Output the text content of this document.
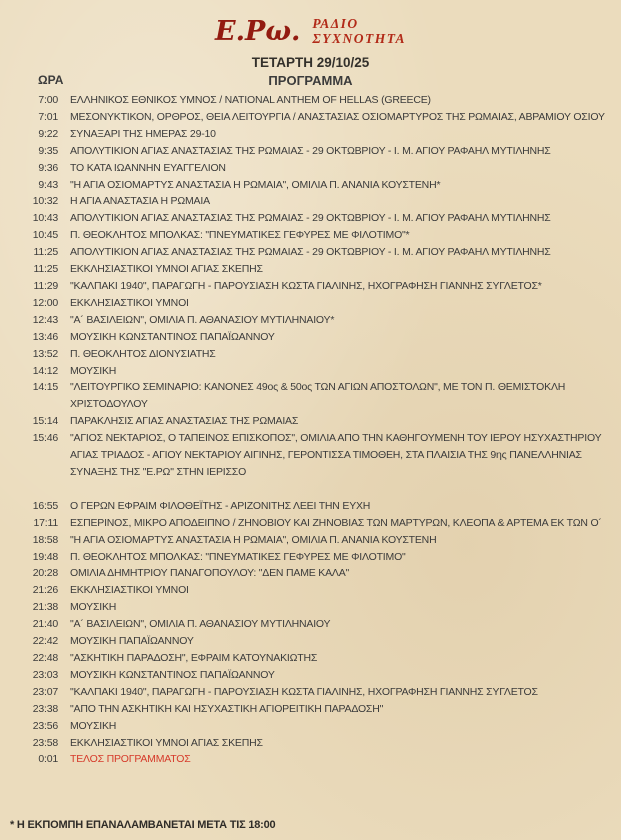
Ε.Ρω. ΡΑΔΙΟ
ΣΥΧΝΟΤΗΤΑ
ΤΕΤΑΡΤΗ 29/10/25
ΩΡΑ	ΠΡΟΓΡΑΜΜΑ
7:00	ΕΛΛΗΝΙΚΟΣ ΕΘΝΙΚΟΣ ΥΜΝΟΣ / NATIONAL ANTHEM OF HELLAS (GREECE)
7:01	ΜΕΣΟΝΥΚΤΙΚΟΝ, ΟΡΘΡΟΣ, ΘΕΙΑ ΛΕΙΤΟΥΡΓΙΑ / ΑΝΑΣΤΑΣΙΑΣ ΟΣΙΟΜΑΡΤΥΡΟΣ ΤΗΣ ΡΩΜΑΙΑΣ, ΑΒΡΑΜΙΟΥ ΟΣΙΟΥ
9:22	ΣΥΝΑΞΑΡΙ ΤΗΣ ΗΜΕΡΑΣ 29-10
9:35	ΑΠΟΛΥΤΙΚΙΟΝ ΑΓΙΑΣ ΑΝΑΣΤΑΣΙΑΣ ΤΗΣ ΡΩΜΑΙΑΣ - 29 ΟΚΤΩΒΡΙΟΥ - Ι. Μ. ΑΓΙΟΥ ΡΑΦΑΗΛ ΜΥΤΙΛΗΝΗΣ
9:36	ΤΟ ΚΑΤΑ ΙΩΑΝΝΗΝ ΕΥΑΓΓΕΛΙΟΝ
9:43	"Η ΑΓΙΑ ΟΣΙΟΜΑΡΤΥΣ ΑΝΑΣΤΑΣΙΑ Η ΡΩΜΑΙΑ", ΟΜΙΛΙΑ Π. ΑΝΑΝΙΑ ΚΟΥΣΤΕΝΗ*
10:32	Η ΑΓΙΑ ΑΝΑΣΤΑΣΙΑ Η ΡΩΜΑΙΑ
10:43	ΑΠΟΛΥΤΙΚΙΟΝ ΑΓΙΑΣ ΑΝΑΣΤΑΣΙΑΣ ΤΗΣ ΡΩΜΑΙΑΣ - 29 ΟΚΤΩΒΡΙΟΥ - Ι. Μ. ΑΓΙΟΥ ΡΑΦΑΗΛ ΜΥΤΙΛΗΝΗΣ
10:45	Π. ΘΕΟΚΛΗΤΟΣ ΜΠΟΛΚΑΣ: "ΠΝΕΥΜΑΤΙΚΕΣ ΓΕΦΥΡΕΣ ΜΕ ΦΙΛΟΤΙΜΟ"*
11:25	ΑΠΟΛΥΤΙΚΙΟΝ ΑΓΙΑΣ ΑΝΑΣΤΑΣΙΑΣ ΤΗΣ ΡΩΜΑΙΑΣ - 29 ΟΚΤΩΒΡΙΟΥ - Ι. Μ. ΑΓΙΟΥ ΡΑΦΑΗΛ ΜΥΤΙΛΗΝΗΣ
11:25	ΕΚΚΛΗΣΙΑΣΤΙΚΟΙ ΥΜΝΟΙ ΑΓΙΑΣ ΣΚΕΠΗΣ
11:29	"ΚΑΛΠΑΚΙ 1940", ΠΑΡΑΓΩΓΗ - ΠΑΡΟΥΣΙΑΣΗ ΚΩΣΤΑ ΓΙΑΛΙΝΗΣ, ΗΧΟΓΡΑΦΗΣΗ ΓΙΑΝΝΗΣ ΣΥΓΛΕΤΟΣ*
12:00	ΕΚΚΛΗΣΙΑΣΤΙΚΟΙ ΥΜΝΟΙ
12:43	"Α´ ΒΑΣΙΛΕΙΩΝ", ΟΜΙΛΙΑ Π. ΑΘΑΝΑΣΙΟΥ ΜΥΤΙΛΗΝΑΙΟΥ*
13:46	ΜΟΥΣΙΚΗ ΚΩΝΣΤΑΝΤΙΝΟΣ ΠΑΠΑΪΩΑΝΝΟΥ
13:52	Π. ΘΕΟΚΛΗΤΟΣ ΔΙΟΝΥΣΙΑΤΗΣ
14:12	ΜΟΥΣΙΚΗ
14:15	"ΛΕΙΤΟΥΡΓΙΚΟ ΣΕΜΙΝΑΡΙΟ: ΚΑΝΟΝΕΣ 49ος & 50ος ΤΩΝ ΑΓΙΩΝ ΑΠΟΣΤΟΛΩΝ", ΜΕ ΤΟΝ Π. ΘΕΜΙΣΤΟΚΛΗ ΧΡΙΣΤΟΔΟΥΛΟΥ
15:14	ΠΑΡΑΚΛΗΣΙΣ ΑΓΙΑΣ ΑΝΑΣΤΑΣΙΑΣ ΤΗΣ ΡΩΜΑΙΑΣ
15:46	"ΑΓΙΟΣ ΝΕΚΤΑΡΙΟΣ, Ο ΤΑΠΕΙΝΟΣ ΕΠΙΣΚΟΠΟΣ", ΟΜΙΛΙΑ ΑΠΟ ΤΗΝ ΚΑΘΗΓΟΥΜΕΝΗ ΤΟΥ ΙΕΡΟΥ ΗΣΥΧΑΣΤΗΡΙΟΥ ΑΓΙΑΣ ΤΡΙΑΔΟΣ - ΑΓΙΟΥ ΝΕΚΤΑΡΙΟΥ ΑΙΓΙΝΗΣ, ΓΕΡΟΝΤΙΣΣΑ ΤΙΜΟΘΕΗ, ΣΤΑ ΠΛΑΙΣΙΑ ΤΗΣ 9ης ΠΑΝΕΛΛΗΝΙΑΣ ΣΥΝΑΞΗΣ ΤΗΣ "Ε.ΡΩ" ΣΤΗΝ ΙΕΡΙΣΣΟ
16:55	Ο ΓΕΡΩΝ ΕΦΡΑΙΜ ΦΙΛΟΘΕΪΤΗΣ - ΑΡΙΖΟΝΙΤΗΣ ΛΕΕΙ ΤΗΝ ΕΥΧΗ
17:11	ΕΣΠΕΡΙΝΟΣ, ΜΙΚΡΟ ΑΠΟΔΕΙΠΝΟ / ΖΗΝΟΒΙΟΥ ΚΑΙ ΖΗΝΟΒΙΑΣ ΤΩΝ ΜΑΡΤΥΡΩΝ, ΚΛΕΟΠΑ & ΑΡΤΕΜΑ ΕΚ ΤΩΝ Ο´
18:58	"Η ΑΓΙΑ ΟΣΙΟΜΑΡΤΥΣ ΑΝΑΣΤΑΣΙΑ Η ΡΩΜΑΙΑ", ΟΜΙΛΙΑ Π. ΑΝΑΝΙΑ ΚΟΥΣΤΕΝΗ
19:48	Π. ΘΕΟΚΛΗΤΟΣ ΜΠΟΛΚΑΣ: "ΠΝΕΥΜΑΤΙΚΕΣ ΓΕΦΥΡΕΣ ΜΕ ΦΙΛΟΤΙΜΟ"
20:28	ΟΜΙΛΙΑ ΔΗΜΗΤΡΙΟΥ ΠΑΝΑΓΟΠΟΥΛΟΥ: "ΔΕΝ ΠΑΜΕ ΚΑΛΑ"
21:26	ΕΚΚΛΗΣΙΑΣΤΙΚΟΙ ΥΜΝΟΙ
21:38	ΜΟΥΣΙΚΗ
21:40	"Α´ ΒΑΣΙΛΕΙΩΝ", ΟΜΙΛΙΑ Π. ΑΘΑΝΑΣΙΟΥ ΜΥΤΙΛΗΝΑΙΟΥ
22:42	ΜΟΥΣΙΚΗ ΠΑΠΑΪΩΑΝΝΟΥ
22:48	"ΑΣΚΗΤΙΚΗ ΠΑΡΑΔΟΣΗ", ΕΦΡΑΙΜ ΚΑΤΟΥΝΑΚΙΩΤΗΣ
23:03	ΜΟΥΣΙΚΗ ΚΩΝΣΤΑΝΤΙΝΟΣ ΠΑΠΑΪΩΑΝΝΟΥ
23:07	"ΚΑΛΠΑΚΙ 1940", ΠΑΡΑΓΩΓΗ - ΠΑΡΟΥΣΙΑΣΗ ΚΩΣΤΑ ΓΙΑΛΙΝΗΣ, ΗΧΟΓΡΑΦΗΣΗ ΓΙΑΝΝΗΣ ΣΥΓΛΕΤΟΣ
23:38	"ΑΠΟ ΤΗΝ ΑΣΚΗΤΙΚΗ ΚΑΙ ΗΣΥΧΑΣΤΙΚΗ ΑΓΙΟΡΕΙΤΙΚΗ ΠΑΡΑΔΟΣΗ"
23:56	ΜΟΥΣΙΚΗ
23:58	ΕΚΚΛΗΣΙΑΣΤΙΚΟΙ ΥΜΝΟΙ ΑΓΙΑΣ ΣΚΕΠΗΣ
0:01	ΤΕΛΟΣ ΠΡΟΓΡΑΜΜΑΤΟΣ
* Η ΕΚΠΟΜΠΗ ΕΠΑΝΑΛΑΜΒΑΝΕΤΑΙ ΜΕΤΑ ΤΙΣ 18:00
